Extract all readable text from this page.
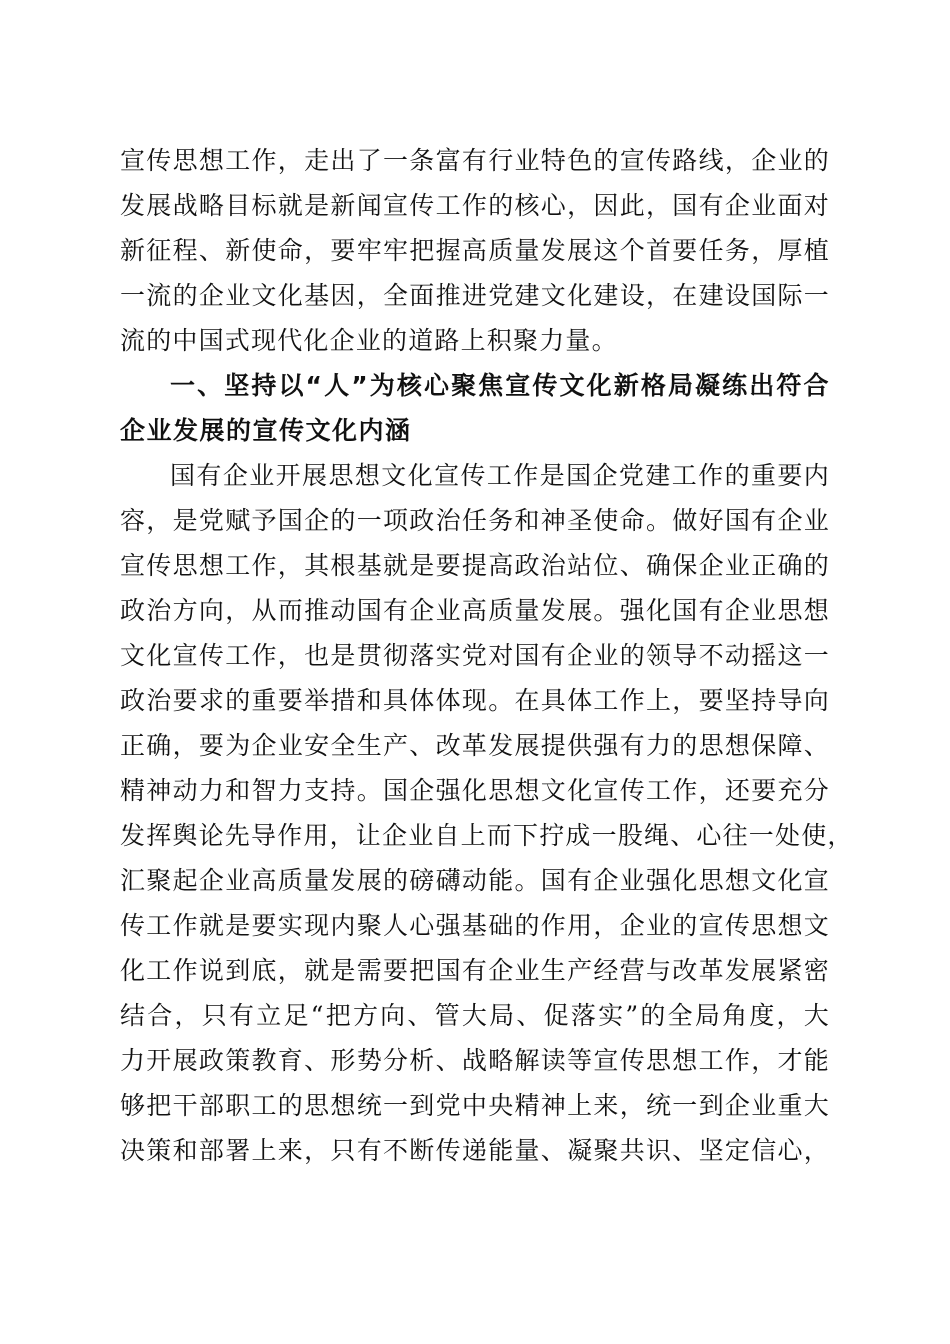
宣传思想工作，走出了一条富有行业特色的宣传路线，企业的
发展战略目标就是新闻宣传工作的核心，因此，国有企业面对
新征程、新使命，要牢牢把握高质量发展这个首要任务，厚植
一流的企业文化基因，全面推进党建文化建设，在建设国际一
流的中国式现代化企业的道路上积聚力量。
一、坚持以“人”为核心聚焦宣传文化新格局凝练出符合
企业发展的宣传文化内涵
国有企业开展思想文化宣传工作是国企党建工作的重要内
容，是党赋予国企的一项政治任务和神圣使命。做好国有企业
宣传思想工作，其根基就是要提高政治站位、确保企业正确的
政治方向，从而推动国有企业高质量发展。强化国有企业思想
文化宣传工作，也是贯彻落实党对国有企业的领导不动摇这一
政治要求的重要举措和具体体现。在具体工作上，要坚持导向
正确，要为企业安全生产、改革发展提供强有力的思想保障、
精神动力和智力支持。国企强化思想文化宣传工作，还要充分
发挥舆论先导作用，让企业自上而下拧成一股绳、心往一处使，
汇聚起企业高质量发展的磅礴动能。国有企业强化思想文化宣
传工作就是要实现内聚人心强基础的作用，企业的宣传思想文
化工作说到底，就是需要把国有企业生产经营与改革发展紧密
结合，只有立足“把方向、管大局、促落实”的全局角度，大
力开展政策教育、形势分析、战略解读等宣传思想工作，才能
够把干部职工的思想统一到党中央精神上来，统一到企业重大
决策和部署上来，只有不断传递能量、凝聚共识、坚定信心，
